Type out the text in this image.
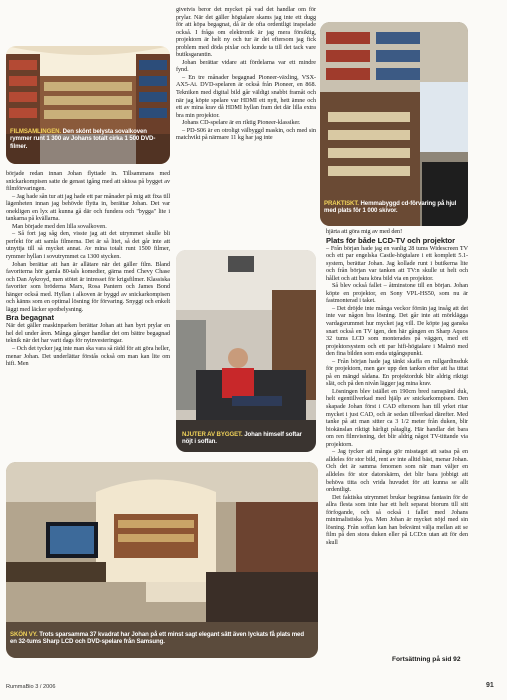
FILMSAMLINGEN. Den skönt belysta sovalkoven rymmer runt 1 300 av Johans totalt cirka 1 500 DVD-filmer.
PRAKTISKT. Hemmabyggd cd-förvaring på hjul med plats för 1 000 skivor.
NJUTER AV BYGGET. Johan himself softar nöjt i soffan.
SKÖN VY. Trots sparsamma 37 kvadrat har Johan på ett minst sagt elegant sätt även lyckats få plats med en 32-tums Sharp LCD och DVD-spelare från Samsung.

började redan innan Johan flyttade in. Tillsammans med snickarkompisen satte de genast igång med att skissa på bygget av filmförvaringen.

– Jag hade sån tur att jag hade ett par månader på mig att fixa till lägenheten innan jag behövde flytta in, berättar Johan. Det var onekligen en lyx att kunna gå där och fundera och "bygga" lite i tankarna på kvällarna.

Man började med den lilla sovalkoven.

– Så fort jag såg den, visste jag att det utrymmet skulle bli perfekt för att samla filmerna. Det är så litet, så det går inte att utnyttja till så mycket annat. Av mina totalt runt 1500 filmer, rymmer hyllan i sovutrymmet ca 1300 stycken.

Johan berättar att han är allätare när det gäller film. Bland favoriterna hör gamla 80-tals komedier, gärna med Chevy Chase och Dan Aykroyd, men stötet är intresset för krigsfilmer. Klassiska favoriter som bröderna Marx, Rosa Pantern och James Bond hänger också med. Hyllan i alkoven är byggd av snickarkompisen och känns som en optimal lösning för förvaring. Snyggt och enkelt läggt med läcker spotbelysning.

Bra begagnat

När det gäller maskinparken berättar Johan att han byrt prylar en hel del under åren. Många gånger handlar det om bättre begagnad teknik när det har varit dags för nyinvesteringar.

– Och det tycker jag inte man ska vara så rädd för att göra heller, menar Johan. Det underlättar förstås också om man kan lite om hifi. Men

givetvis beror det mycket på vad det handlar om för prylar. När det gäller högtalare skams jag inte ett dugg för att köpa begagnat, då är de ofta ordentligt inspelade också. I fråga om elektronik är jag mera försiktig, projektorn är helt ny och tur är det eftersom jag fick problem med döda pixlar och kunde ta till det tack vare butiksgarantin.

Johan berättar vidare att fördelarna var ett mindre fynd.

– En tre månader begagnad Pioneer-växling, VSX-AX5-Ai. DVD-spelaren är också från Pioneer, en 868. Tekniken med digital bild går väldigt snabbt framåt och när jag köpte spelare var HDMI ett nytt, hett ämne och ett av mina krav då HDMI hyllan fram det där lilla extra bra min projektor.

Johans CD-spelare är en riktig Pioneer-klassiker.

– PD-S06 är en otroligt välbyggd maskin, och med sin matchvikt på närmare 11 kg har jag inte

hjärta att göra mig av med den!

Plats för både LCD-TV och projektor

– Från början hade jag en vanlig 28 tums Widescreen TV och ett par engelska Castle-högtalare i ett komplett 5.1-system, berättar Johan. Jag kollade runt i butikerna lite och från början var tanken att TV:n skulle ut helt och hållet och att bara köra bild via en projektor.

Så blev också fallet – åtminstone till en början. Johan köpte en projektor, en Sony VPL-HS50, som nu är fastmonterad i taket.

– Det dröjde inte många veckor förrän jag insåg att det inte var någon bra lösning. Det går inte att mörklägga vardagsrummet hur mycket jag vill. De köpte jag ganska snart också en TV igen, den här gången en Sharp Aquos 32 tums LCD som monterades på väggen, med ett projektorsystem och ett par hifi-högtalare i Malmö med den fina bilden som enda utgångspunkt.

– Från början hade jag tänkt skaffa en rullgardinsduk för projektorn, men gav upp den tanken efter att ha tittat på en mängd sådana. En projektorduk blir aldrig riktigt slät, och på den nivån lägger jag mina krav.

Lösningen blev istället en 190cm bred ramspänd duk, helt egentillverkad med hjälp av snickarkompisen. Den skapade Johan först i CAD eftersom han till yrket ritar mycket i just CAD, och är sedan tillverkad därefter. Med tanke på att man sitter ca 3 1/2 meter från duken, blir biokänslan riktigt härligt påtaglig. Här handlar det bara om ren filmvisning, det blir aldrig något TV-tittande via projektorn.

– Jag tycker att många gör misstaget att satsa på en alldeles för stor bild, rent av inte alltid bäst, menar Johan. Och det är samma fenomen som när man väljer en alldeles för stor datorskärm, det blir bara jobbigt att behöva titta och vrida huvudet för att kunna se allt ordentligt.

Det faktiska utrymmet brukar begränsa fantasin för de allra flesta som inte har ett helt separat biorum till sitt förfogande, och så också i fallet med Johans minimalistiska lya. Men Johan är mycket nöjd med sin lösning. Från soffan kan han bekvämt välja mellan att se film på den stora duken eller på LCD:n utan att för den skull

Fortsättning på sid 92
RummaBio 3 / 2006	91
